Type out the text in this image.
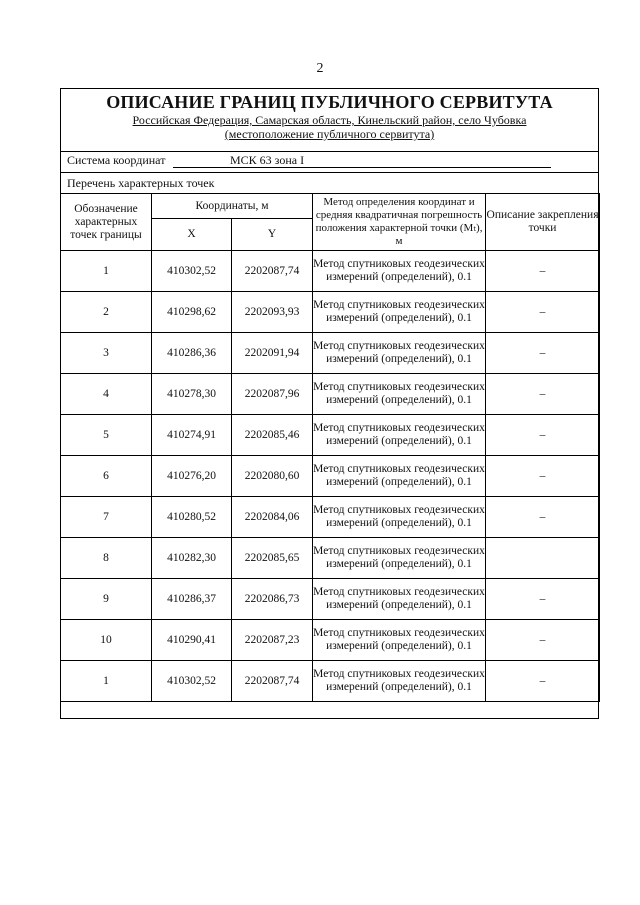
2
ОПИСАНИЕ ГРАНИЦ ПУБЛИЧНОГО СЕРВИТУТА
Российская Федерация, Самарская область, Кинельский район, село Чубовка
(местоположение публичного сервитута)
Система координат	МСК 63 зона I
Перечень характерных точек
Обозначение характерных точек границы	Координаты, м		Метод определения координат и средняя квадратичная погрешность положения характерной точки (Mₜ), м	Описание закрепления точки
	X	Y		
1	410302,52	2202087,74	Метод спутниковых геодезических измерений (определений), 0.1	–
2	410298,62	2202093,93	Метод спутниковых геодезических измерений (определений), 0.1	–
3	410286,36	2202091,94	Метод спутниковых геодезических измерений (определений), 0.1	–
4	410278,30	2202087,96	Метод спутниковых геодезических измерений (определений), 0.1	–
5	410274,91	2202085,46	Метод спутниковых геодезических измерений (определений), 0.1	–
6	410276,20	2202080,60	Метод спутниковых геодезических измерений (определений), 0.1	–
7	410280,52	2202084,06	Метод спутниковых геодезических измерений (определений), 0.1	–
8	410282,30	2202085,65	Метод спутниковых геодезических измерений (определений), 0.1	
9	410286,37	2202086,73	Метод спутниковых геодезических измерений (определений), 0.1	–
10	410290,41	2202087,23	Метод спутниковых геодезических измерений (определений), 0.1	–
1	410302,52	2202087,74	Метод спутниковых геодезических измерений (определений), 0.1	–
